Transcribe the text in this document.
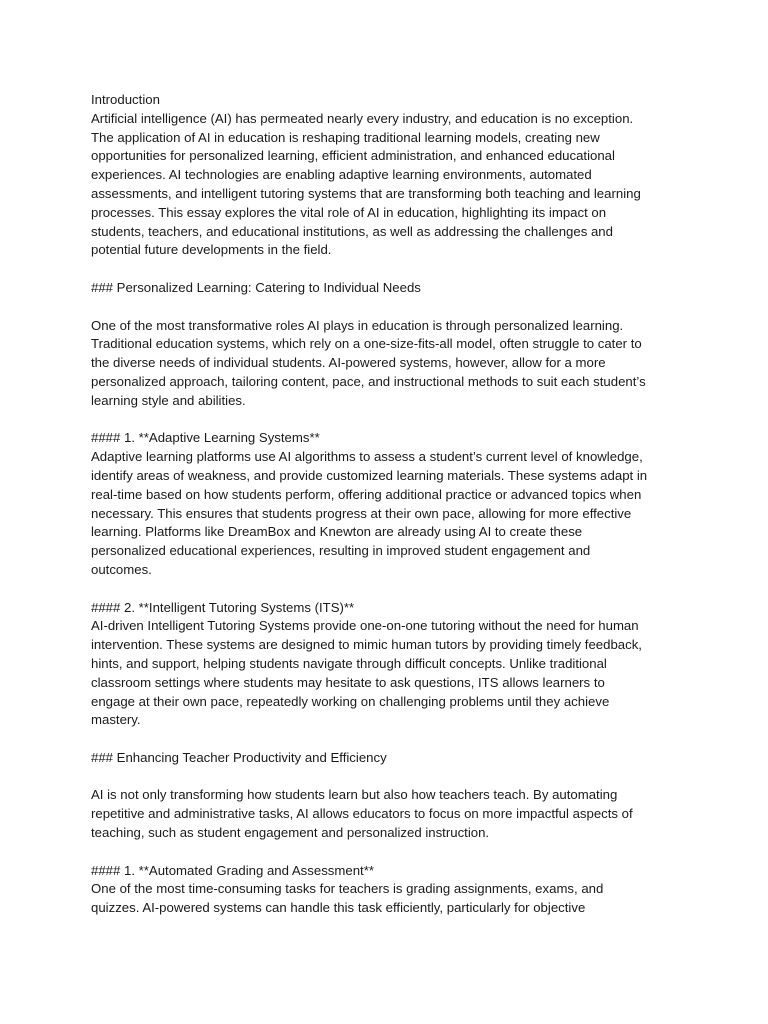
Introduction
Artificial intelligence (AI) has permeated nearly every industry, and education is no exception.
The application of AI in education is reshaping traditional learning models, creating new
opportunities for personalized learning, efficient administration, and enhanced educational
experiences. AI technologies are enabling adaptive learning environments, automated
assessments, and intelligent tutoring systems that are transforming both teaching and learning
processes. This essay explores the vital role of AI in education, highlighting its impact on
students, teachers, and educational institutions, as well as addressing the challenges and
potential future developments in the field.
### Personalized Learning: Catering to Individual Needs
One of the most transformative roles AI plays in education is through personalized learning.
Traditional education systems, which rely on a one-size-fits-all model, often struggle to cater to
the diverse needs of individual students. AI-powered systems, however, allow for a more
personalized approach, tailoring content, pace, and instructional methods to suit each student’s
learning style and abilities.
#### 1. **Adaptive Learning Systems**
Adaptive learning platforms use AI algorithms to assess a student’s current level of knowledge,
identify areas of weakness, and provide customized learning materials. These systems adapt in
real-time based on how students perform, offering additional practice or advanced topics when
necessary. This ensures that students progress at their own pace, allowing for more effective
learning. Platforms like DreamBox and Knewton are already using AI to create these
personalized educational experiences, resulting in improved student engagement and
outcomes.
#### 2. **Intelligent Tutoring Systems (ITS)**
AI-driven Intelligent Tutoring Systems provide one-on-one tutoring without the need for human
intervention. These systems are designed to mimic human tutors by providing timely feedback,
hints, and support, helping students navigate through difficult concepts. Unlike traditional
classroom settings where students may hesitate to ask questions, ITS allows learners to
engage at their own pace, repeatedly working on challenging problems until they achieve
mastery.
### Enhancing Teacher Productivity and Efficiency
AI is not only transforming how students learn but also how teachers teach. By automating
repetitive and administrative tasks, AI allows educators to focus on more impactful aspects of
teaching, such as student engagement and personalized instruction.
#### 1. **Automated Grading and Assessment**
One of the most time-consuming tasks for teachers is grading assignments, exams, and
quizzes. AI-powered systems can handle this task efficiently, particularly for objective
